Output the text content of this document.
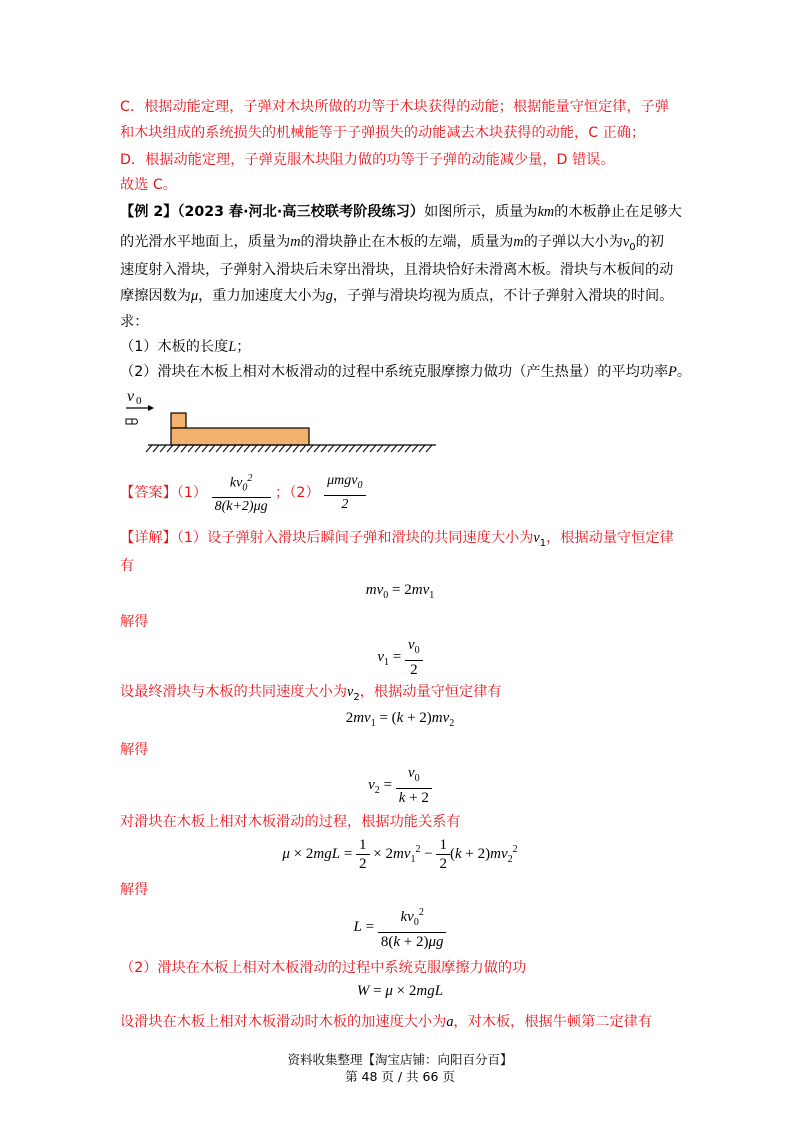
C．根据动能定理，子弹对木块所做的功等于木块获得的动能；根据能量守恒定律，子弹
和木块组成的系统损失的机械能等于子弹损失的动能减去木块获得的动能，C 正确；
D．根据动能定理，子弹克服木块阻力做的功等于子弹的动能减少量，D 错误。
故选 C。
【例 2】（2023 春·河北·高三校联考阶段练习）如图所示，质量为km的木板静止在足够大
的光滑水平地面上，质量为m的滑块静止在木板的左端，质量为m的子弹以大小为$v_0$的初
速度射入滑块，子弹射入滑块后未穿出滑块，且滑块恰好未滑离木板。滑块与木板间的动
摩擦因数为μ，重力加速度大小为g，子弹与滑块均视为质点，不计子弹射入滑块的时间。
求：
（1）木板的长度L；
（2）滑块在木板上相对木板滑动的过程中系统克服摩擦力做功（产生热量）的平均功率P。
v 0
【答案】$(1) \frac{kv_0^2}{8(k+2)\mu g}$ ；$(2) \frac{\mu mgv_0}{2}$
【详解】（1）设子弹射入滑块后瞬间子弹和滑块的共同速度大小为$v_1$，根据动量守恒定律
有
$mv_0 = 2mv_1$
解得
$v_1 = \frac{v_0}{2}$
设最终滑块与木板的共同速度大小为$v_2$，根据动量守恒定律有
$2mv_1 = (k + 2)mv_2$
解得
$v_2 = \frac{v_0}{k + 2}$
对滑块在木板上相对木板滑动的过程，根据功能关系有
$\mu \times 2mgL = \frac{1}{2} \times 2mv_1^2 - \frac{1}{2} (k + 2)mv_2^2$
解得
$L = \frac{kv_0^2}{8(k + 2)\mu g}$
（2）滑块在木板上相对木板滑动的过程中系统克服摩擦力做的功
W = μ × 2mgL
设滑块在木板上相对木板滑动时木板的加速度大小为a，对木板，根据牛顿第二定律有
资料收集整理【淘宝店铺：向阳百分百】
第 48 页 / 共 66 页
